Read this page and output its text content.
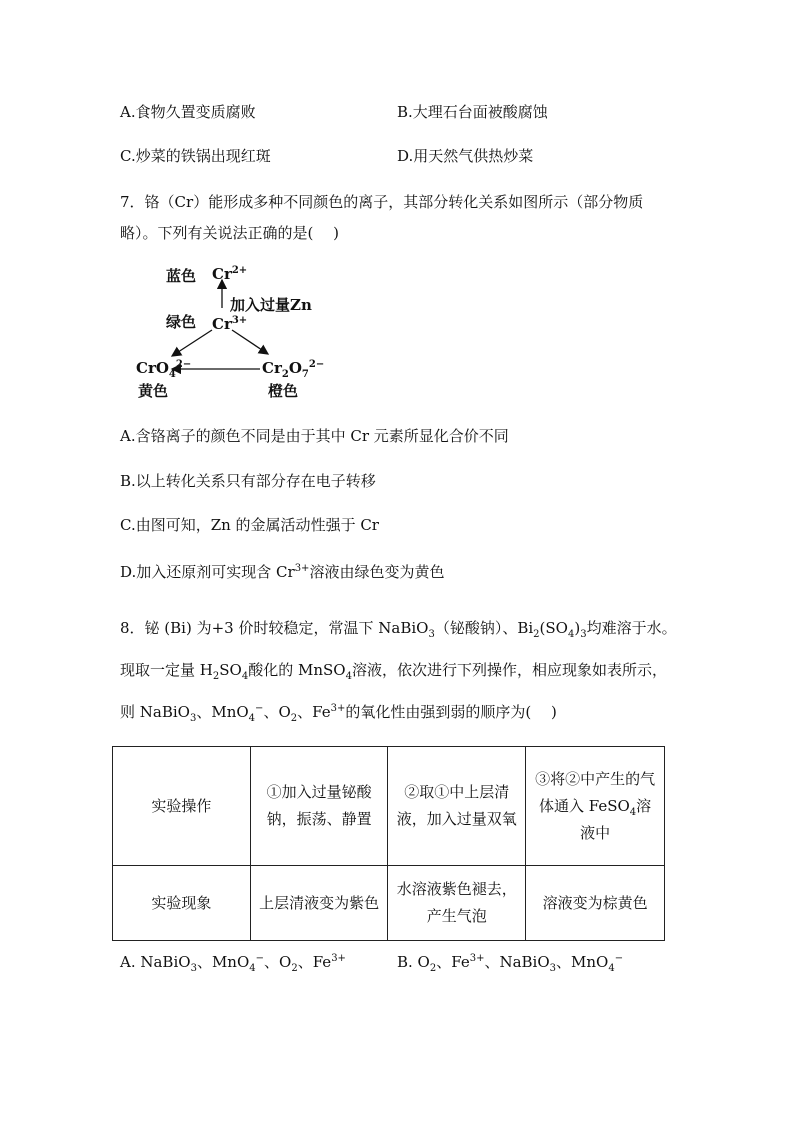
A.食物久置变质腐败	B.大理石台面被酸腐蚀
C.炒菜的铁锅出现红斑	D.用天然气供热炒菜
7．铬（Cr）能形成多种不同颜色的离子，其部分转化关系如图所示（部分物质
略）。下列有关说法正确的是(　 )
蓝色 $Cr^{2+}$
加入过量Zn
绿色 $Cr^{3+}$
CrO$_4^{2-}$	$Cr_2O_7^{2-}$
黄色	橙色
A.含铬离子的颜色不同是由于其中 Cr 元素所显化合价不同
B.以上转化关系只有部分存在电子转移
C.由图可知，Zn 的金属活动性强于 Cr
D.加入还原剂可实现含 $Cr^{3+}$溶液由绿色变为黄色
8．铋 (Bi) 为+3 价时较稳定，常温下 NaBiO$_3$（铋酸钠）、$Bi_2(SO_4)_3$均难溶于水。
现取一定量 $H_2SO_4$酸化的 MnSO$_4$溶液，依次进行下列操作，相应现象如表所示，
则 NaBiO$_3$、MnO$_4$−、$O_2$、$Fe^{3+}$的氧化性由强到弱的顺序为(　 )
实验操作	①加入过量铋酸钠，振荡、静置	②取①中上层清液，加入过量双氧	③将②中产生的气体通入 FeSO$_4$溶液中
实验现象	上层清液变为紫色	水溶液紫色褪去，产生气泡	溶液变为棕黄色
A. NaBiO$_3$、MnO$_4$−、$O_2$、$Fe^{3+}$	B. $O_2$、$Fe^{3+}$、NaBiO$_3$、MnO$_4$−
